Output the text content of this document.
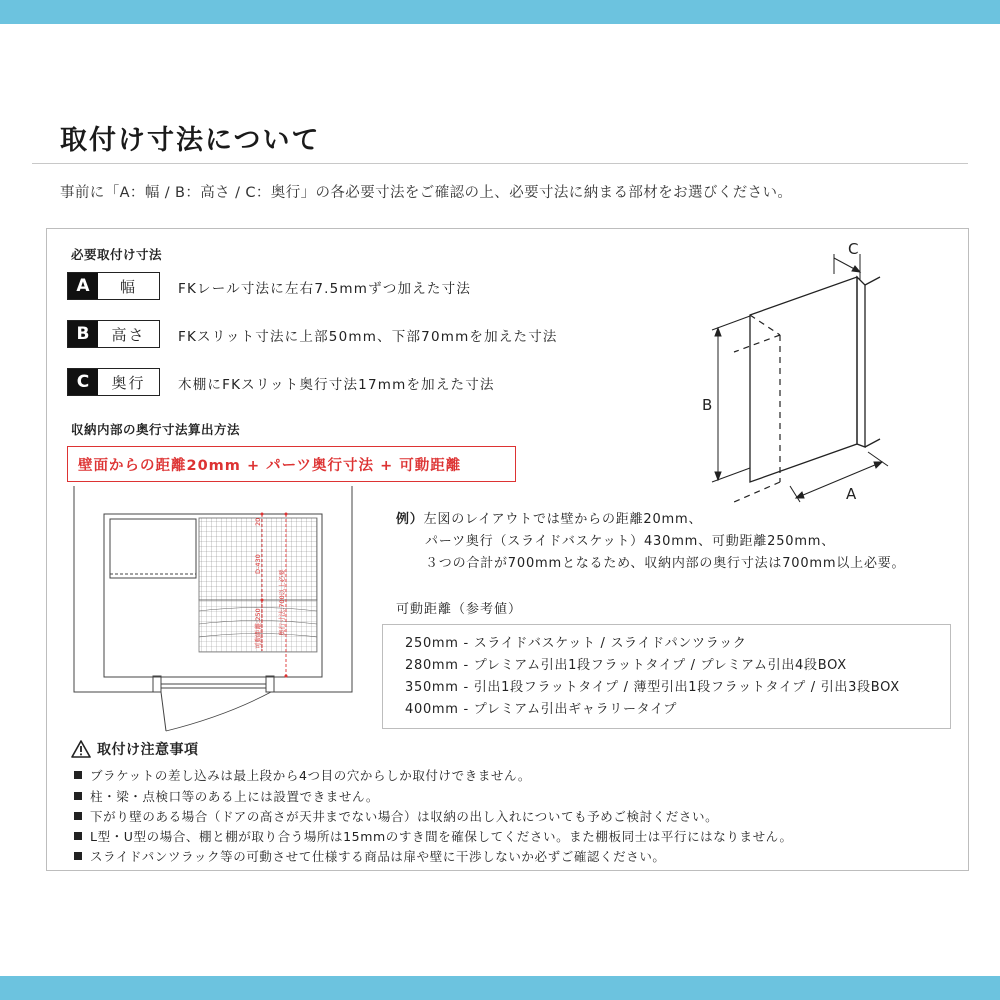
取付け寸法について
事前に「A：幅 / B：高さ / C：奥行」の各必要寸法をご確認の上、必要寸法に納まる部材をお選びください。
必要取付け寸法
A	幅	FKレール寸法に左右7.5mmずつ加えた寸法
B	高さ	FKスリット寸法に上部50mm、下部70mmを加えた寸法
C	奥行	木棚にFKスリット奥行寸法17mmを加えた寸法
C
B
A
収納内部の奥行寸法算出方法
壁面からの距離20mm + パーツ奥行寸法 + 可動距離
20
D-430
可動距離:250 奥行寸法:700以上必要
例）左図のレイアウトでは壁からの距離20mm、
パーツ奥行（スライドバスケット）430mm、可動距離250mm、
３つの合計が700mmとなるため、収納内部の奥行寸法は700mm以上必要。
可動距離（参考値）
250mm - スライドバスケット / スライドパンツラック
280mm - プレミアム引出1段フラットタイプ / プレミアム引出4段BOX
350mm - 引出1段フラットタイプ / 薄型引出1段フラットタイプ / 引出3段BOX
400mm - プレミアム引出ギャラリータイプ
取付け注意事項
ブラケットの差し込みは最上段から4つ目の穴からしか取付けできません。
柱・梁・点検口等のある上には設置できません。
下がり壁のある場合（ドアの高さが天井までない場合）は収納の出し入れについても予めご検討ください。
L型・U型の場合、棚と棚が取り合う場所は15mmのすき間を確保してください。また棚板同士は平行にはなりません。
スライドパンツラック等の可動させて仕様する商品は扉や壁に干渉しないか必ずご確認ください。
